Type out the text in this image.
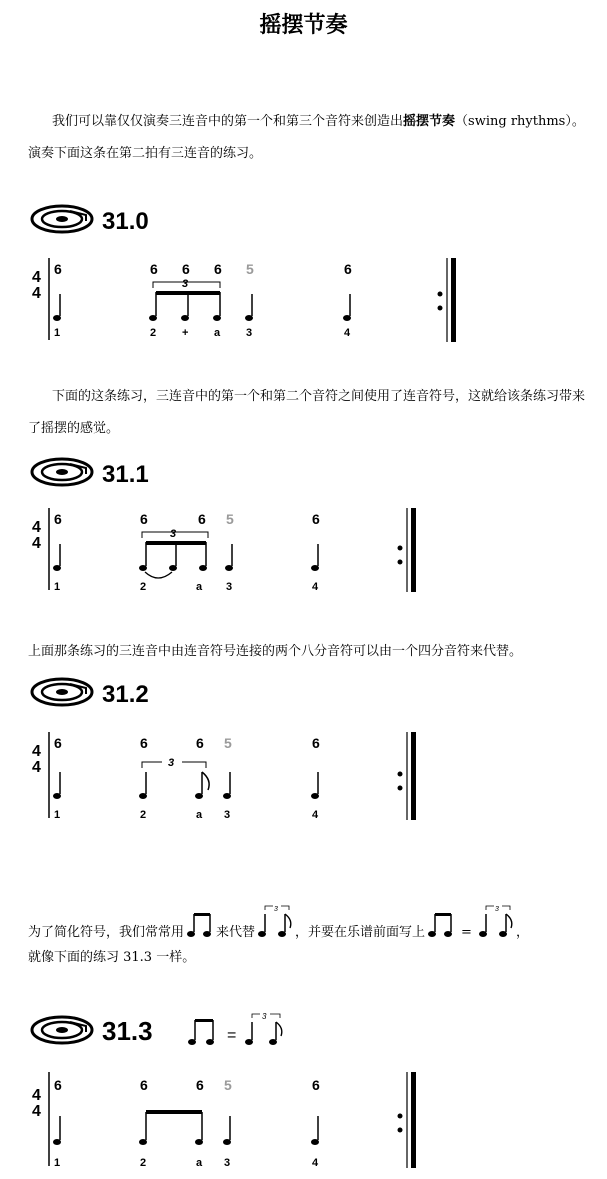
摇摆节奏
我们可以靠仅仅演奏三连音中的第一个和第三个音符来创造出摇摆节奏（swing rhythms）。演奏下面这条在第二拍有三连音的练习。
31.0
4
4
6	6 6 6 5	6
3
1	2 + a 3	4
下面的这条练习，三连音中的第一个和第二个音符之间使用了连音符号，这就给该条练习带来了摇摆的感觉。
31.1
4
4
6	6	6 5	6
3
1	2	a 3	4
上面那条练习的三连音中由连音符号连接的两个八分音符可以由一个四分音符来代替。
31.2
4
4
6	6	6 5	6
3
1	2	a 3	4
为了简化符号，我们常常用 来代替
3
，并要在乐谱前面写上	=
3
，
就像下面的练习 31.3 一样。
31.3	=
3
4
4
6	6	6 5	6
1	2	a 3	4
